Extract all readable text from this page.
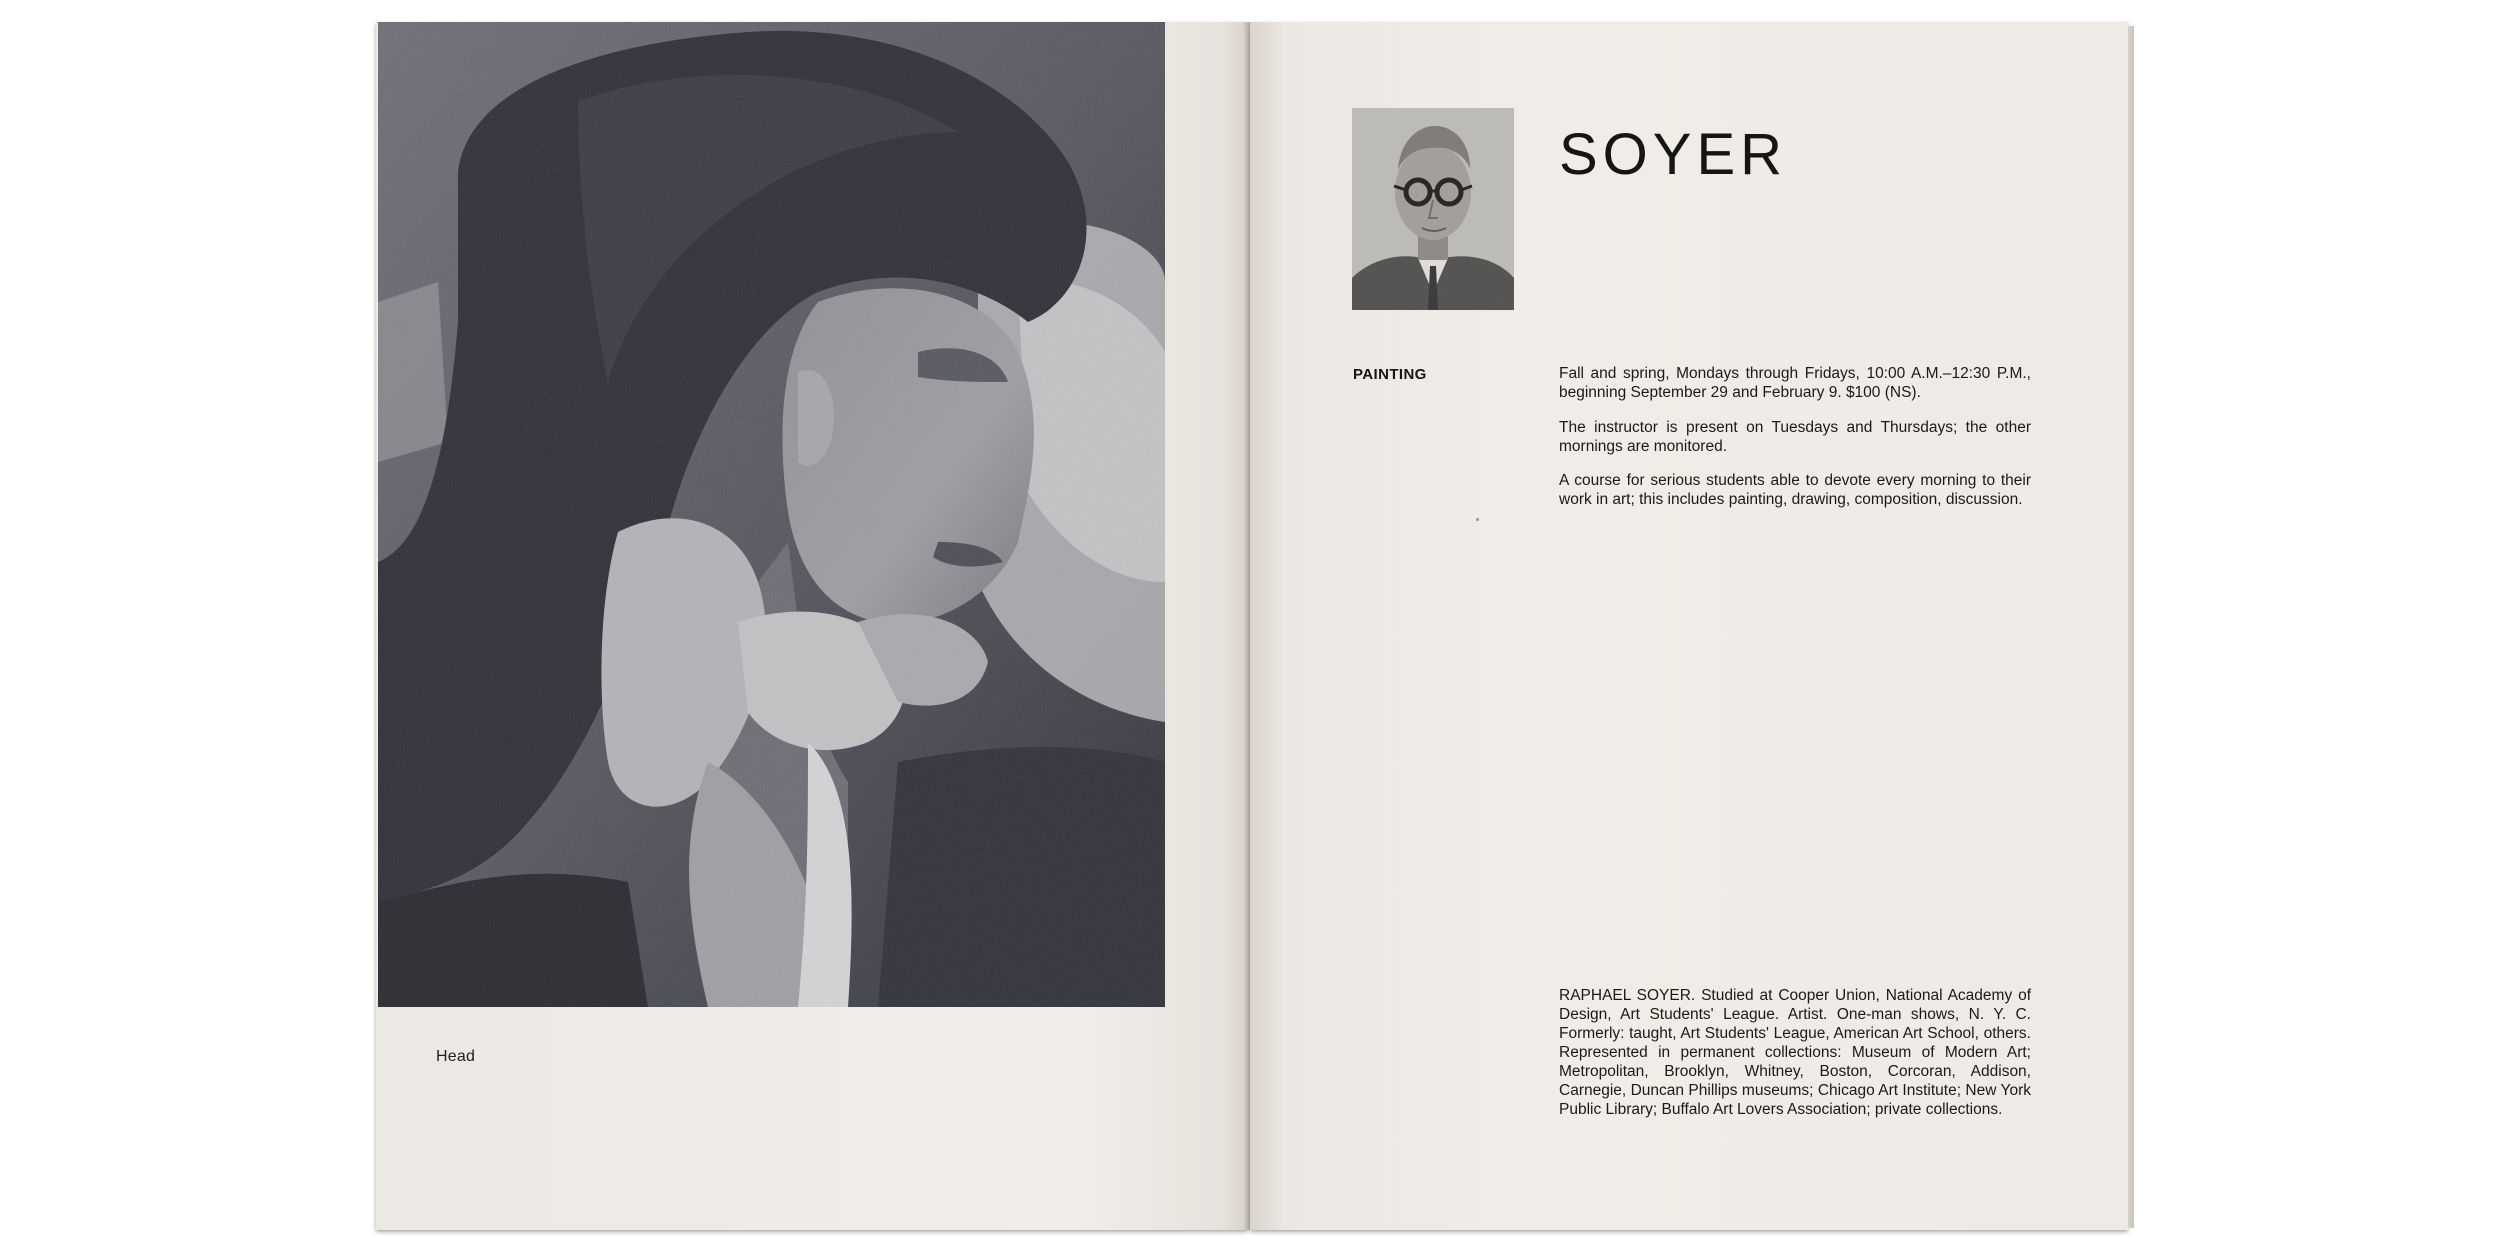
Head
SOYER
PAINTING	Fall and spring, Mondays through Fridays, 10:00 A.M.–12:30 P.M., beginning September 29 and February 9. $100 (NS).

The instructor is present on Tuesdays and Thursdays; the other mornings are monitored.

A course for serious students able to devote every morning to their work in art; this includes painting, drawing, composition, discussion.

RAPHAEL SOYER. Studied at Cooper Union, National Academy of Design, Art Students' League. Artist. One-man shows, N. Y. C. Formerly: taught, Art Students' League, American Art School, others. Represented in permanent collections: Museum of Modern Art; Metropolitan, Brooklyn, Whitney, Boston, Corcoran, Addison, Carnegie, Duncan Phillips museums; Chicago Art Institute; New York Public Library; Buffalo Art Lovers Association; private collections.
